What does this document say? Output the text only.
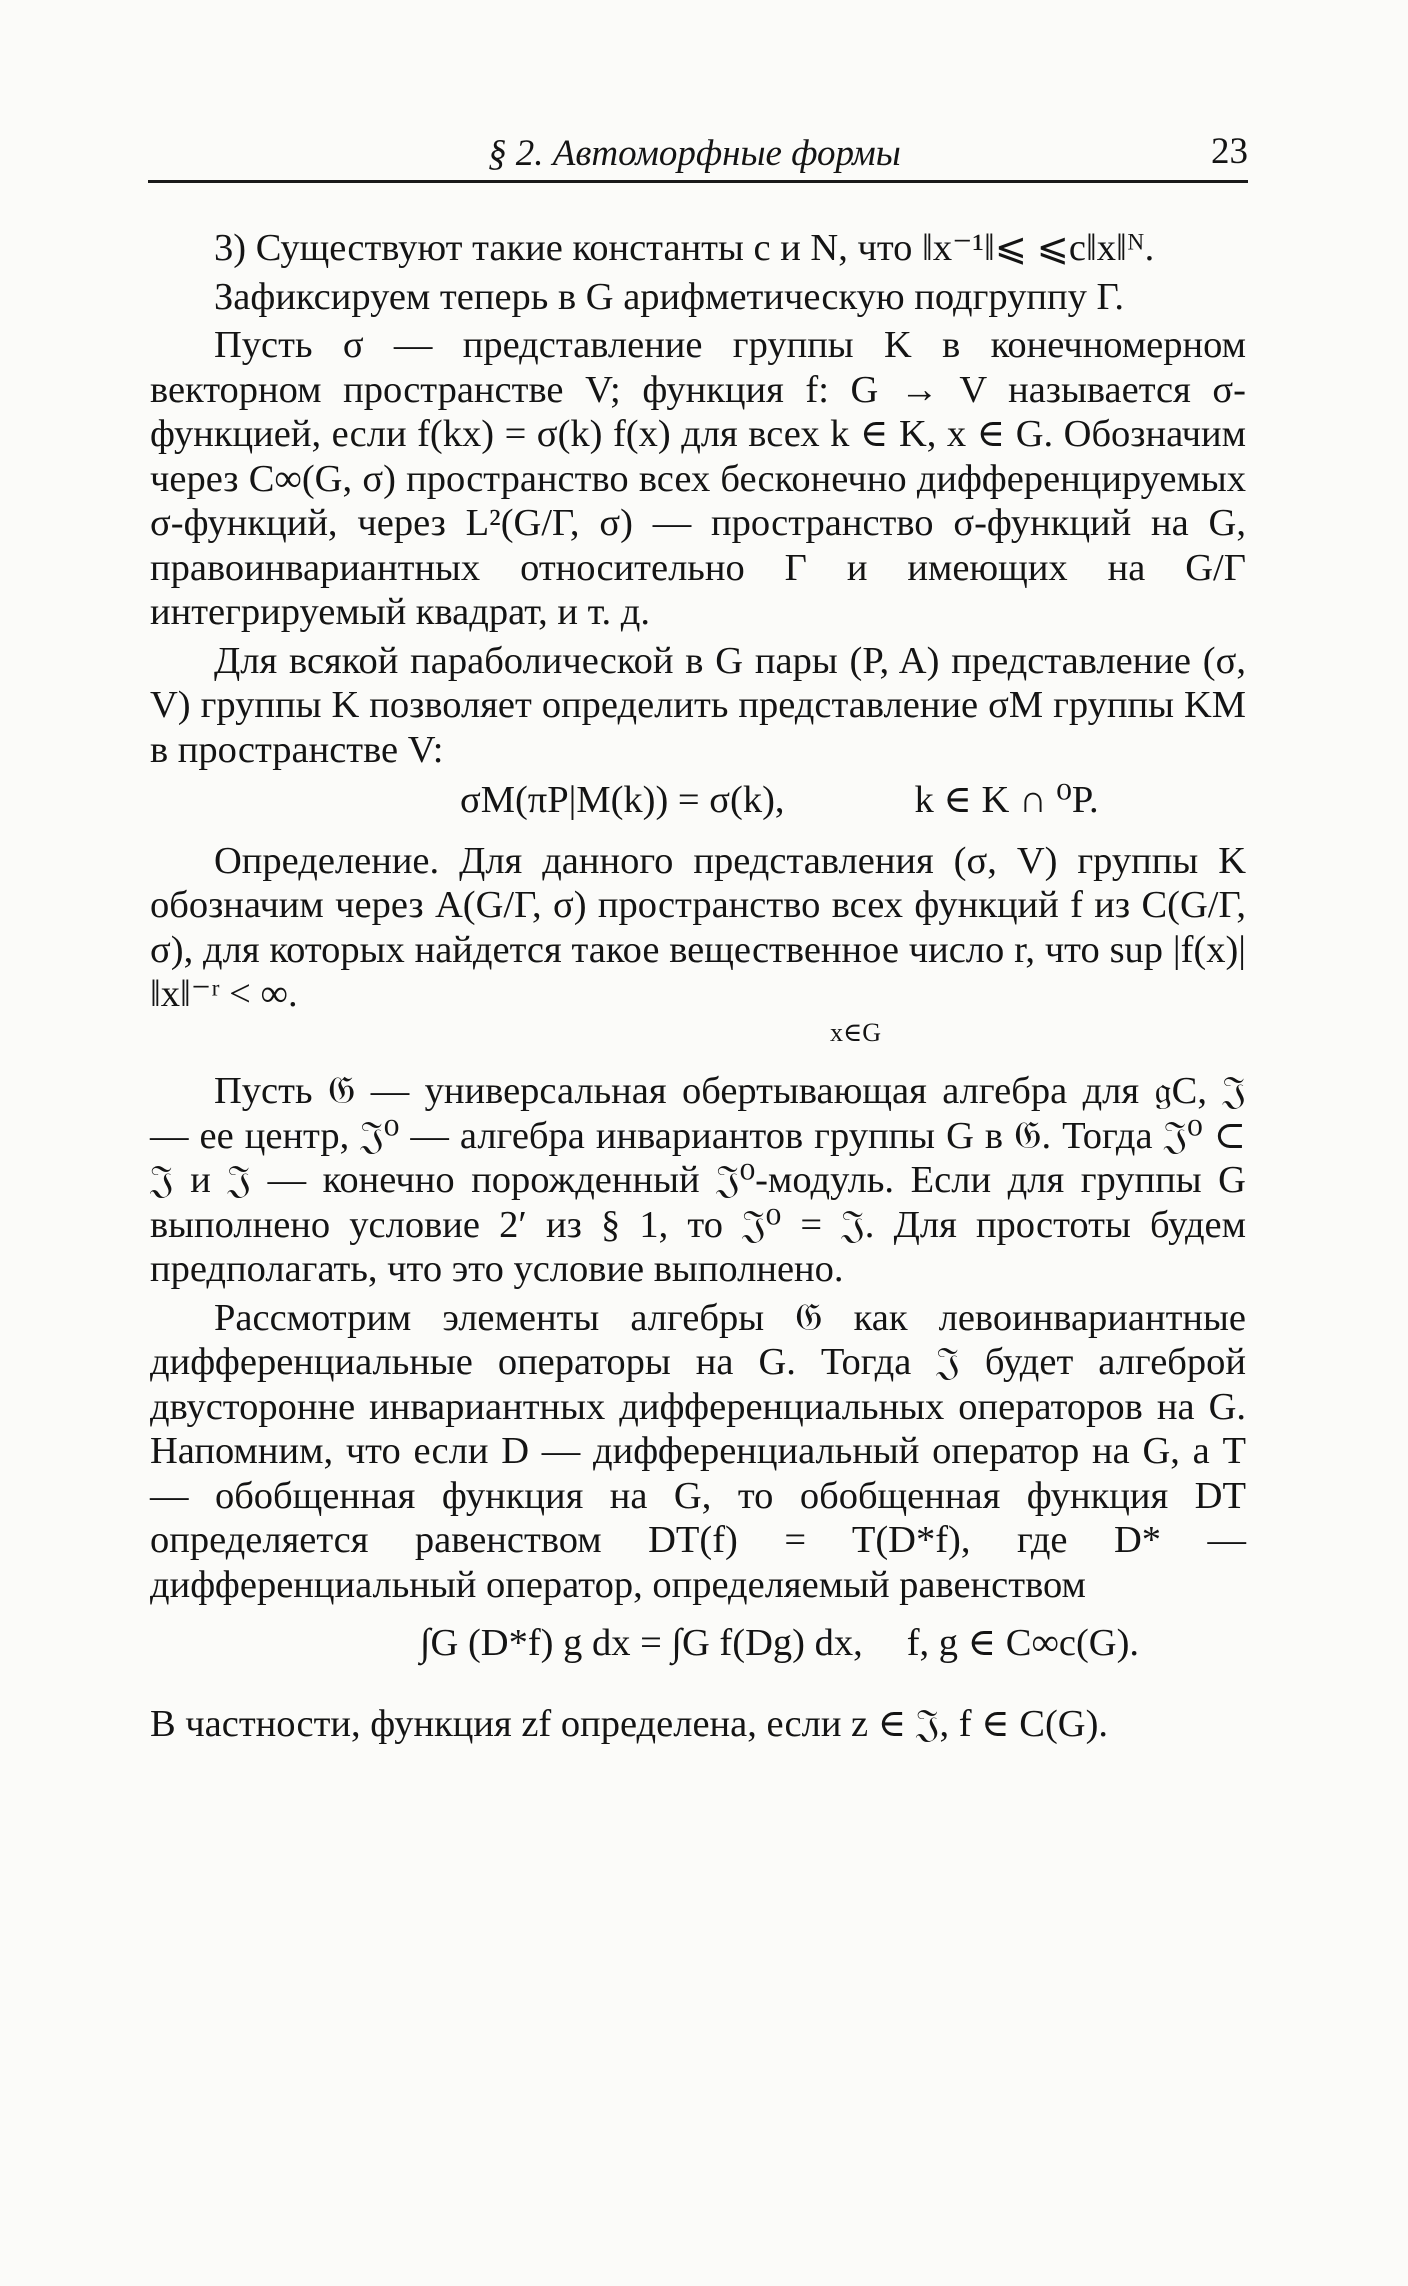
§ 2. Автоморфные формы	23

3) Существуют такие константы c и N, что ‖x⁻¹‖⩽ ⩽c‖x‖ᴺ.

Зафиксируем теперь в G арифметическую подгруппу Г.

Пусть σ — представление группы K в конечномерном векторном пространстве V; функция f: G → V называется σ-функцией, если f(kx) = σ(k) f(x) для всех k ∈ K, x ∈ G. Обозначим через C∞(G, σ) пространство всех бесконечно дифференцируемых σ-функций, через L²(G/Г, σ) — пространство σ-функций на G, правоинвариантных относительно Г и имеющих на G/Г интегрируемый квадрат, и т. д.

Для всякой параболической в G пары (P, A) представление (σ, V) группы K позволяет определить представление σM группы KM в пространстве V:

σM(πP|M(k)) = σ(k),	k ∈ K ∩ ⁰P.

Определение. Для данного представления (σ, V) группы K обозначим через A(G/Г, σ) пространство всех функций f из C(G/Г, σ), для которых найдется такое вещественное число r, что sup |f(x)| ‖x‖⁻ʳ < ∞.

x∈G

Пусть 𝔊 — универсальная обертывающая алгебра для 𝔤C, 𝔍 — ее центр, 𝔍⁰ — алгебра инвариантов группы G в 𝔊. Тогда 𝔍⁰ ⊂ 𝔍 и 𝔍 — конечно порожденный 𝔍⁰-модуль. Если для группы G выполнено условие 2′ из § 1, то 𝔍⁰ = 𝔍. Для простоты будем предполагать, что это условие выполнено.

Рассмотрим элементы алгебры 𝔊 как левоинвариантные дифференциальные операторы на G. Тогда 𝔍 будет алгеброй двусторонне инвариантных дифференциальных операторов на G. Напомним, что если D — дифференциальный оператор на G, а T — обобщенная функция на G, то обобщенная функция DT определяется равенством DT(f) = T(D*f), где D* — дифференциальный оператор, определяемый равенством

∫G (D*f) g dx = ∫G f(Dg) dx, f, g ∈ C∞c(G).

В частности, функция zf определена, если z ∈ 𝔍, f ∈ C(G).
